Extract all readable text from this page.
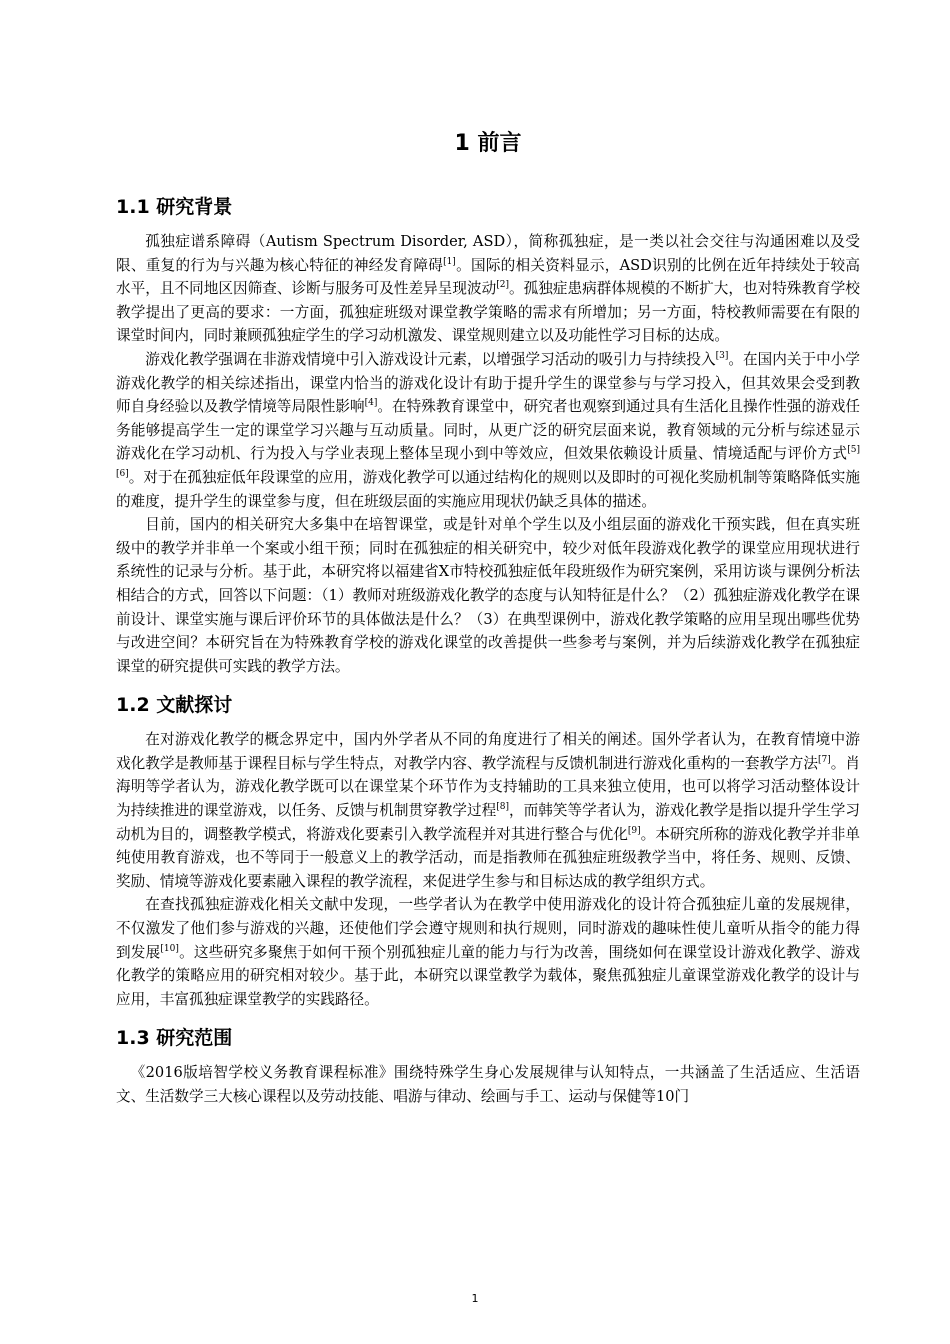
1 前言
1.1 研究背景

孤独症谱系障碍（Autism Spectrum Disorder, ASD），简称孤独症，是一类以社会交往与沟通困难以及受限、重复的行为与兴趣为核心特征的神经发育障碍[1]。国际的相关资料显示，ASD识别的比例在近年持续处于较高水平，且不同地区因筛查、诊断与服务可及性差异呈现波动[2]。孤独症患病群体规模的不断扩大，也对特殊教育学校教学提出了更高的要求：一方面，孤独症班级对课堂教学策略的需求有所增加；另一方面，特校教师需要在有限的课堂时间内，同时兼顾孤独症学生的学习动机激发、课堂规则建立以及功能性学习目标的达成。

游戏化教学强调在非游戏情境中引入游戏设计元素，以增强学习活动的吸引力与持续投入[3]。在国内关于中小学游戏化教学的相关综述指出，课堂内恰当的游戏化设计有助于提升学生的课堂参与与学习投入，但其效果会受到教师自身经验以及教学情境等局限性影响[4]。在特殊教育课堂中，研究者也观察到通过具有生活化且操作性强的游戏任务能够提高学生一定的课堂学习兴趣与互动质量。同时，从更广泛的研究层面来说，教育领域的元分析与综述显示游戏化在学习动机、行为投入与学业表现上整体呈现小到中等效应，但效果依赖设计质量、情境适配与评价方式[5][6]。对于在孤独症低年段课堂的应用，游戏化教学可以通过结构化的规则以及即时的可视化奖励机制等策略降低实施的难度，提升学生的课堂参与度，但在班级层面的实施应用现状仍缺乏具体的描述。

目前，国内的相关研究大多集中在培智课堂，或是针对单个学生以及小组层面的游戏化干预实践，但在真实班级中的教学并非单一个案或小组干预；同时在孤独症的相关研究中，较少对低年段游戏化教学的课堂应用现状进行系统性的记录与分析。基于此，本研究将以福建省X市特校孤独症低年段班级作为研究案例，采用访谈与课例分析法相结合的方式，回答以下问题：（1）教师对班级游戏化教学的态度与认知特征是什么？（2）孤独症游戏化教学在课前设计、课堂实施与课后评价环节的具体做法是什么？（3）在典型课例中，游戏化教学策略的应用呈现出哪些优势与改进空间？本研究旨在为特殊教育学校的游戏化课堂的改善提供一些参考与案例，并为后续游戏化教学在孤独症课堂的研究提供可实践的教学方法。

1.2 文献探讨

在对游戏化教学的概念界定中，国内外学者从不同的角度进行了相关的阐述。国外学者认为，在教育情境中游戏化教学是教师基于课程目标与学生特点，对教学内容、教学流程与反馈机制进行游戏化重构的一套教学方法[7]。肖海明等学者认为，游戏化教学既可以在课堂某个环节作为支持辅助的工具来独立使用，也可以将学习活动整体设计为持续推进的课堂游戏，以任务、反馈与机制贯穿教学过程[8]，而韩笑等学者认为，游戏化教学是指以提升学生学习动机为目的，调整教学模式，将游戏化要素引入教学流程并对其进行整合与优化[9]。本研究所称的游戏化教学并非单纯使用教育游戏，也不等同于一般意义上的教学活动，而是指教师在孤独症班级教学当中，将任务、规则、反馈、奖励、情境等游戏化要素融入课程的教学流程，来促进学生参与和目标达成的教学组织方式。

在查找孤独症游戏化相关文献中发现，一些学者认为在教学中使用游戏化的设计符合孤独症儿童的发展规律，不仅激发了他们参与游戏的兴趣，还使他们学会遵守规则和执行规则，同时游戏的趣味性使儿童听从指令的能力得到发展[10]。这些研究多聚焦于如何干预个别孤独症儿童的能力与行为改善，围绕如何在课堂设计游戏化教学、游戏化教学的策略应用的研究相对较少。基于此，本研究以课堂教学为载体，聚焦孤独症儿童课堂游戏化教学的设计与应用，丰富孤独症课堂教学的实践路径。

1.3 研究范围

《2016版培智学校义务教育课程标准》围绕特殊学生身心发展规律与认知特点，一共涵盖了生活适应、生活语文、生活数学三大核心课程以及劳动技能、唱游与律动、绘画与手工、运动与保健等10门

1
